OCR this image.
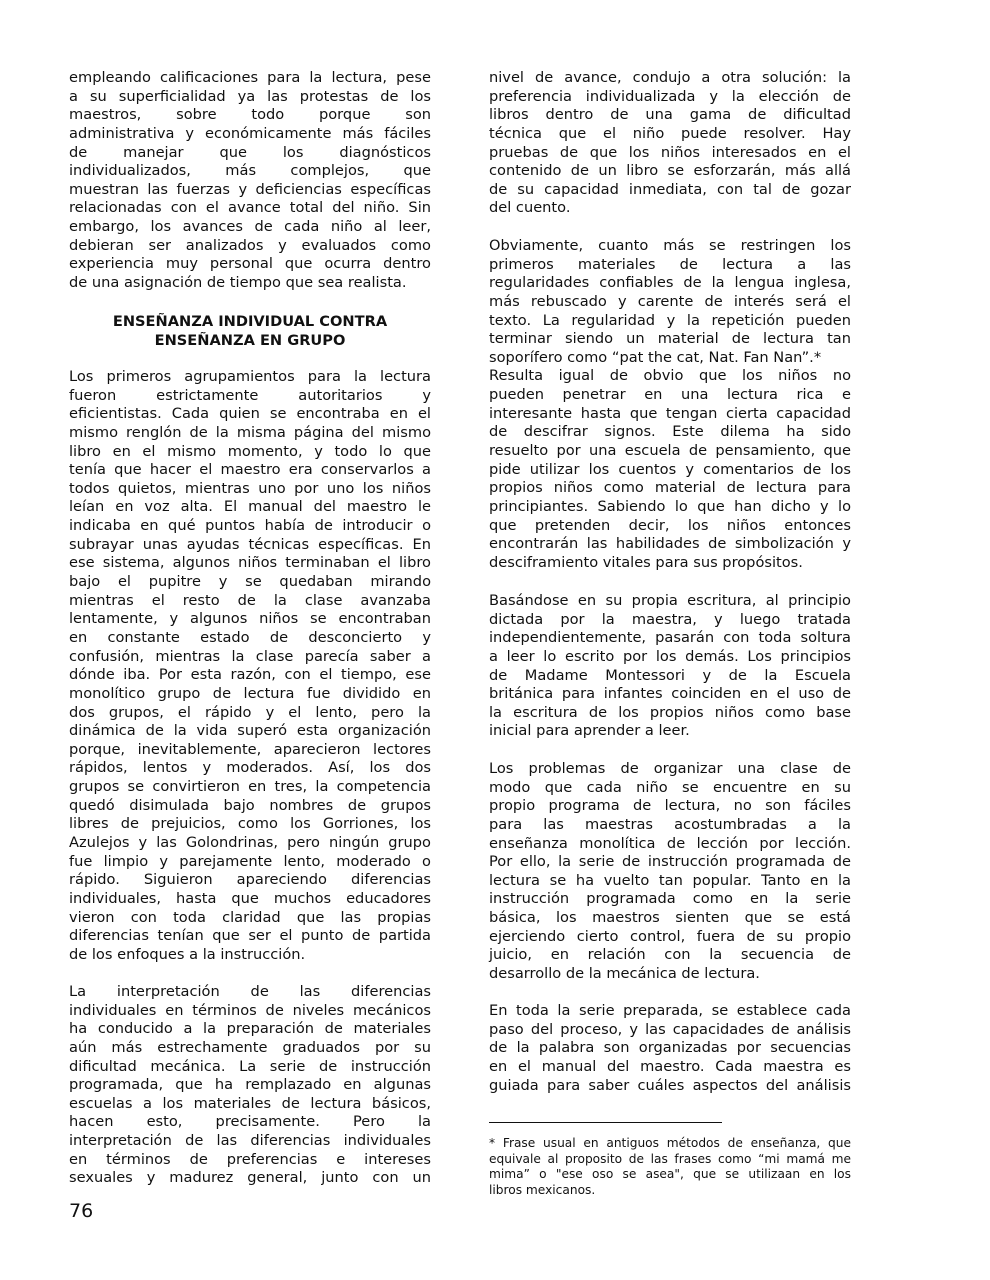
empleando calificaciones para la lectura, pese
a su superficialidad ya las protestas de los
maestros, sobre todo porque son
administrativa y económicamente más fáciles
de manejar que los diagnósticos
individualizados, más complejos, que
muestran las fuerzas y deficiencias específicas
relacionadas con el avance total del niño. Sin
embargo, los avances de cada niño al leer,
debieran ser analizados y evaluados como
experiencia muy personal que ocurra dentro
de una asignación de tiempo que sea realista.
ENSEÑANZA INDIVIDUAL CONTRA
ENSEÑANZA EN GRUPO
Los primeros agrupamientos para la lectura
fueron estrictamente autoritarios y
eficientistas. Cada quien se encontraba en el
mismo renglón de la misma página del mismo
libro en el mismo momento, y todo lo que
tenía que hacer el maestro era conservarlos a
todos quietos, mientras uno por uno los niños
leían en voz alta. El manual del maestro le
indicaba en qué puntos había de introducir o
subrayar unas ayudas técnicas específicas. En
ese sistema, algunos niños terminaban el libro
bajo el pupitre y se quedaban mirando
mientras el resto de la clase avanzaba
lentamente, y algunos niños se encontraban
en constante estado de desconcierto y
confusión, mientras la clase parecía saber a
dónde iba. Por esta razón, con el tiempo, ese
monolítico grupo de lectura fue dividido en
dos grupos, el rápido y el lento, pero la
dinámica de la vida superó esta organización
porque, inevitablemente, aparecieron lectores
rápidos, lentos y moderados. Así, los dos
grupos se convirtieron en tres, la competencia
quedó disimulada bajo nombres de grupos
libres de prejuicios, como los Gorriones, los
Azulejos y las Golondrinas, pero ningún grupo
fue limpio y parejamente lento, moderado o
rápido. Siguieron apareciendo diferencias
individuales, hasta que muchos educadores
vieron con toda claridad que las propias
diferencias tenían que ser el punto de partida
de los enfoques a la instrucción.
La interpretación de las diferencias
individuales en términos de niveles mecánicos
ha conducido a la preparación de materiales
aún más estrechamente graduados por su
dificultad mecánica. La serie de instrucción
programada, que ha remplazado en algunas
escuelas a los materiales de lectura básicos,
hacen esto, precisamente. Pero la
interpretación de las diferencias individuales
en términos de preferencias e intereses
sexuales y madurez general, junto con un
nivel de avance, condujo a otra solución: la
preferencia individualizada y la elección de
libros dentro de una gama de dificultad
técnica que el niño puede resolver. Hay
pruebas de que los niños interesados en el
contenido de un libro se esforzarán, más allá
de su capacidad inmediata, con tal de gozar
del cuento.
Obviamente, cuanto más se restringen los
primeros materiales de lectura a las
regularidades confiables de la lengua inglesa,
más rebuscado y carente de interés será el
texto. La regularidad y la repetición pueden
terminar siendo un material de lectura tan
soporífero como “pat the cat, Nat. Fan Nan”.*
Resulta igual de obvio que los niños no
pueden penetrar en una lectura rica e
interesante hasta que tengan cierta capacidad
de descifrar signos. Este dilema ha sido
resuelto por una escuela de pensamiento, que
pide utilizar los cuentos y comentarios de los
propios niños como material de lectura para
principiantes. Sabiendo lo que han dicho y lo
que pretenden decir, los niños entonces
encontrarán las habilidades de simbolización y
desciframiento vitales para sus propósitos.
Basándose en su propia escritura, al principio
dictada por la maestra, y luego tratada
independientemente, pasarán con toda soltura
a leer lo escrito por los demás. Los principios
de Madame Montessori y de la Escuela
británica para infantes coinciden en el uso de
la escritura de los propios niños como base
inicial para aprender a leer.
Los problemas de organizar una clase de
modo que cada niño se encuentre en su
propio programa de lectura, no son fáciles
para las maestras acostumbradas a la
enseñanza monolítica de lección por lección.
Por ello, la serie de instrucción programada de
lectura se ha vuelto tan popular. Tanto en la
instrucción programada como en la serie
básica, los maestros sienten que se está
ejerciendo cierto control, fuera de su propio
juicio, en relación con la secuencia de
desarrollo de la mecánica de lectura.
En toda la serie preparada, se establece cada
paso del proceso, y las capacidades de análisis
de la palabra son organizadas por secuencias
en el manual del maestro. Cada maestra es
guiada para saber cuáles aspectos del análisis
* Frase usual en antiguos métodos de enseñanza, que
equivale al proposito de las frases como “mi mamá me
mima” o "ese oso se asea", que se utilizaan en los
libros mexicanos.
76
